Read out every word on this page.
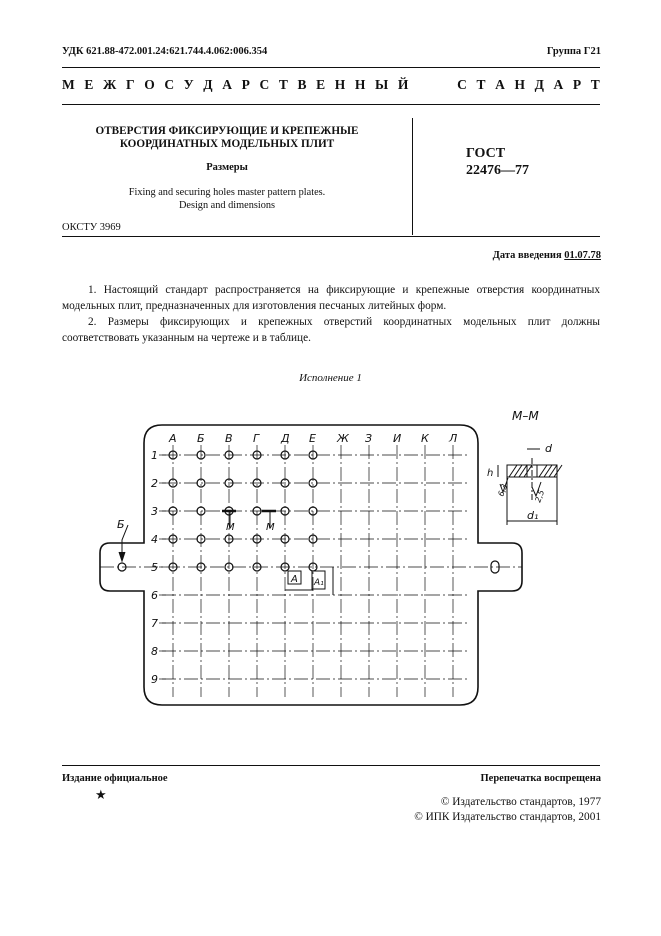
УДК 621.88-472.001.24:621.744.4.062:006.354	Группа Г21
М Е Ж Г О С У Д А Р С Т В Е Н Н Ы Й

	С Т А Н Д А Р Т
ОТВЕРСТИЯ ФИКСИРУЮЩИЕ И КРЕПЕЖНЫЕ
КООРДИНАТНЫХ МОДЕЛЬНЫХ ПЛИТ
Размеры
Fixing and securing holes master pattern plates.
Design and dimensions
ГОСТ
22476—77
ОКСТУ 3969
Дата введения 01.07.78
1. Настоящий стандарт распространяется на фиксирующие и крепежные отверстия координатных модельных плит, предназначенных для изготовления песчаных литейных форм.
2. Размеры фиксирующих и крепежных отверстий координатных модельных плит должны соответствовать указанным на чертеже и в таблице.
Исполнение 1
А Б В Г Д Е Ж З И К Л
1
2
3
4
5
6
7
8
9
Б	М	М
А А₁
М–М
d
d₁
h
6,3	2,5
Издание официальное	Перепечатка воспрещена
★	© Издательство стандартов, 1977
© ИПК Издательство стандартов, 2001
